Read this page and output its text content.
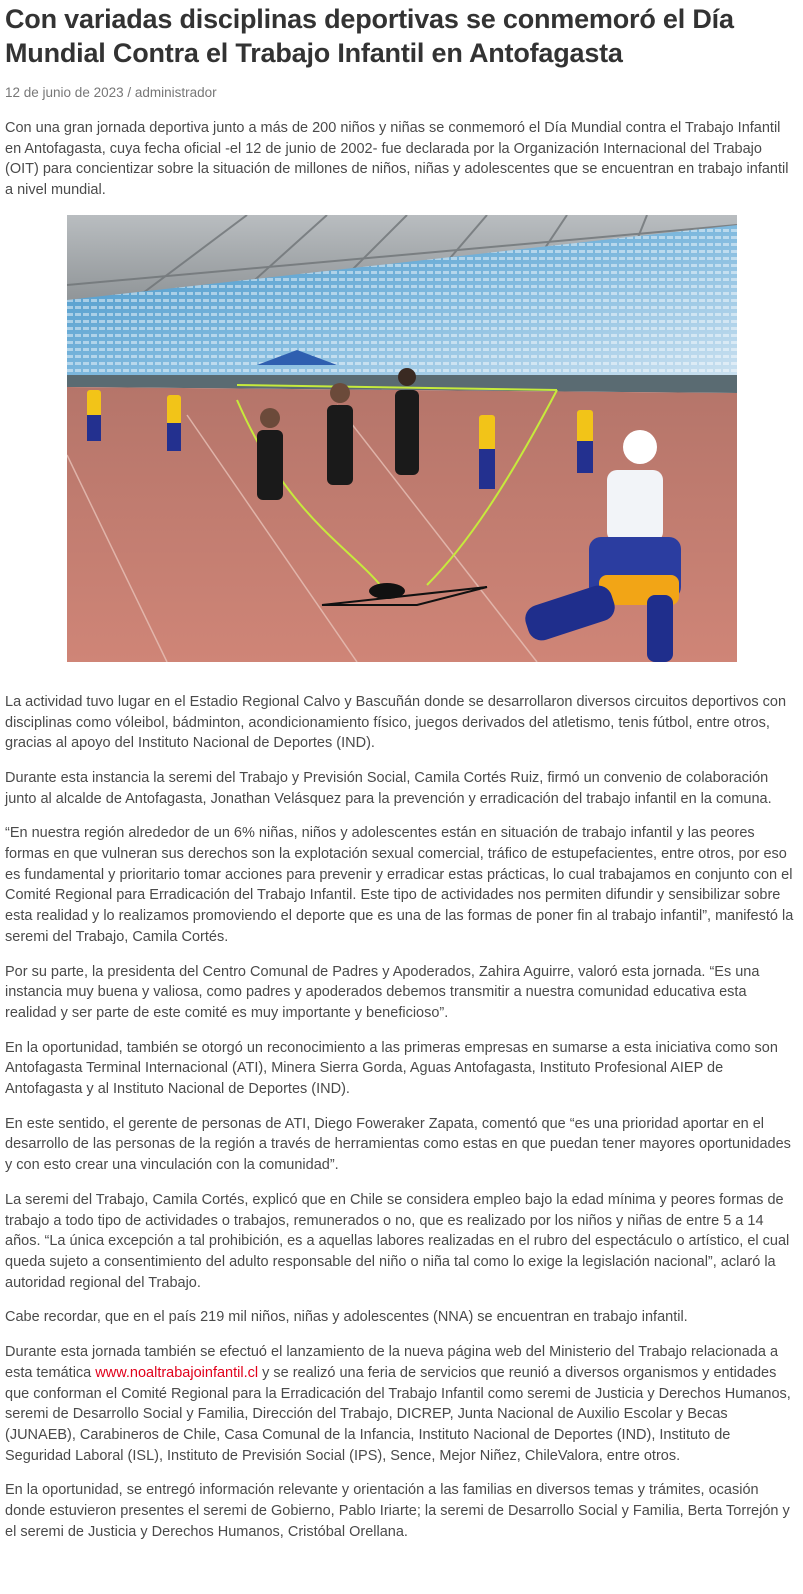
Con variadas disciplinas deportivas se conmemoró el Día Mundial Contra el Trabajo Infantil en Antofagasta
12 de junio de 2023 / administrador

Con una gran jornada deportiva junto a más de 200 niños y niñas se conmemoró el Día Mundial contra el Trabajo Infantil en Antofagasta, cuya fecha oficial -el 12 de junio de 2002- fue declarada por la Organización Internacional del Trabajo (OIT) para concientizar sobre la situación de millones de niños, niñas y adolescentes que se encuentran en trabajo infantil a nivel mundial.

La actividad tuvo lugar en el Estadio Regional Calvo y Bascuñán donde se desarrollaron diversos circuitos deportivos con disciplinas como vóleibol, bádminton, acondicionamiento físico, juegos derivados del atletismo, tenis fútbol, entre otros, gracias al apoyo del Instituto Nacional de Deportes (IND).

Durante esta instancia la seremi del Trabajo y Previsión Social, Camila Cortés Ruiz, firmó un convenio de colaboración junto al alcalde de Antofagasta, Jonathan Velásquez para la prevención y erradicación del trabajo infantil en la comuna.

“En nuestra región alrededor de un 6% niñas, niños y adolescentes están en situación de trabajo infantil y las peores formas en que vulneran sus derechos son la explotación sexual comercial, tráfico de estupefacientes, entre otros, por eso es fundamental y prioritario tomar acciones para prevenir y erradicar estas prácticas, lo cual trabajamos en conjunto con el Comité Regional para Erradicación del Trabajo Infantil. Este tipo de actividades nos permiten difundir y sensibilizar sobre esta realidad y lo realizamos promoviendo el deporte que es una de las formas de poner fin al trabajo infantil”, manifestó la seremi del Trabajo, Camila Cortés.

Por su parte, la presidenta del Centro Comunal de Padres y Apoderados, Zahira Aguirre, valoró esta jornada. “Es una instancia muy buena y valiosa, como padres y apoderados debemos transmitir a nuestra comunidad educativa esta realidad y ser parte de este comité es muy importante y beneficioso”.

En la oportunidad, también se otorgó un reconocimiento a las primeras empresas en sumarse a esta iniciativa como son Antofagasta Terminal Internacional (ATI), Minera Sierra Gorda, Aguas Antofagasta, Instituto Profesional AIEP de Antofagasta y al Instituto Nacional de Deportes (IND).

En este sentido, el gerente de personas de ATI, Diego Foweraker Zapata, comentó que “es una prioridad aportar en el desarrollo de las personas de la región a través de herramientas como estas en que puedan tener mayores oportunidades y con esto crear una vinculación con la comunidad”.

La seremi del Trabajo, Camila Cortés, explicó que en Chile se considera empleo bajo la edad mínima y peores formas de trabajo a todo tipo de actividades o trabajos, remunerados o no, que es realizado por los niños y niñas de entre 5 a 14 años. “La única excepción a tal prohibición, es a aquellas labores realizadas en el rubro del espectáculo o artístico, el cual queda sujeto a consentimiento del adulto responsable del niño o niña tal como lo exige la legislación nacional”, aclaró la autoridad regional del Trabajo.

Cabe recordar, que en el país 219 mil niños, niñas y adolescentes (NNA) se encuentran en trabajo infantil.

Durante esta jornada también se efectuó el lanzamiento de la nueva página web del Ministerio del Trabajo relacionada a esta temática www.noaltrabajoinfantil.cl y se realizó una feria de servicios que reunió a diversos organismos y entidades que conforman el Comité Regional para la Erradicación del Trabajo Infantil como seremi de Justicia y Derechos Humanos, seremi de Desarrollo Social y Familia, Dirección del Trabajo, DICREP, Junta Nacional de Auxilio Escolar y Becas (JUNAEB), Carabineros de Chile, Casa Comunal de la Infancia, Instituto Nacional de Deportes (IND), Instituto de Seguridad Laboral (ISL), Instituto de Previsión Social (IPS), Sence, Mejor Niñez, ChileValora, entre otros.

En la oportunidad, se entregó información relevante y orientación a las familias en diversos temas y trámites, ocasión donde estuvieron presentes el seremi de Gobierno, Pablo Iriarte; la seremi de Desarrollo Social y Familia, Berta Torrejón y el seremi de Justicia y Derechos Humanos, Cristóbal Orellana.
